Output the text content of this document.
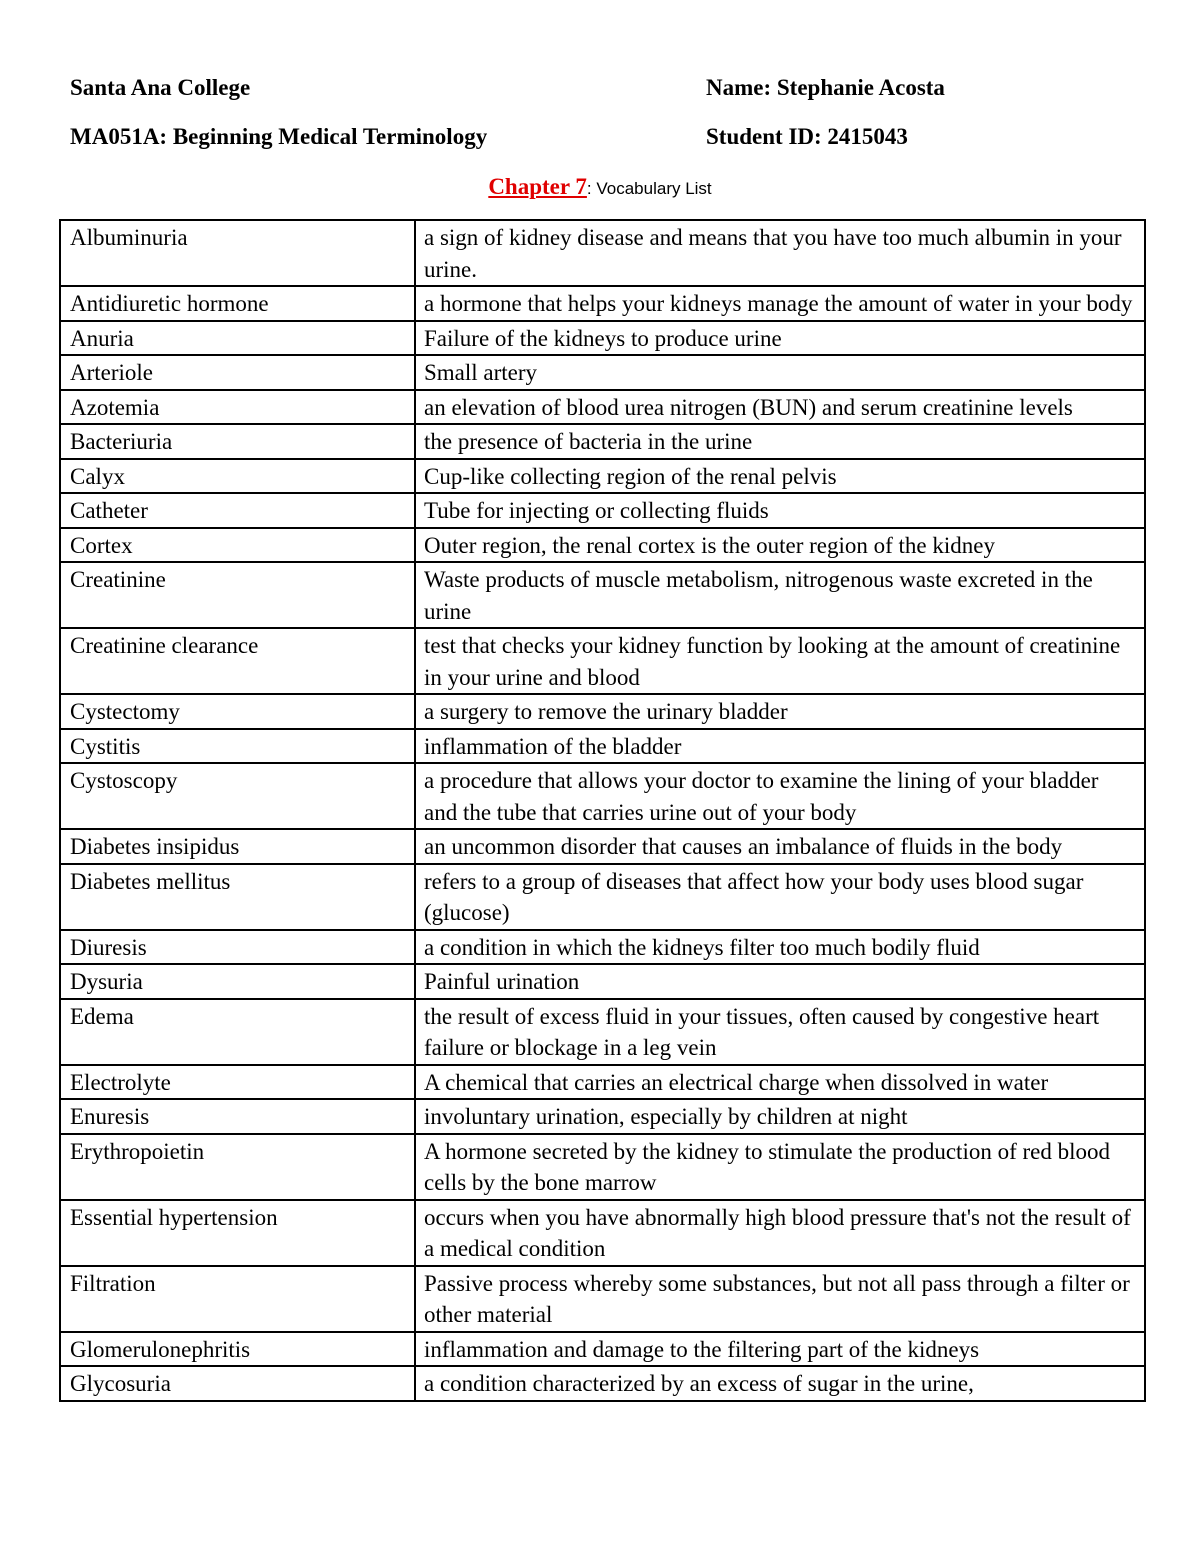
Santa Ana College	Name: Stephanie Acosta
MA051A: Beginning Medical Terminology	Student ID: 2415043
Chapter 7: Vocabulary List
Albuminuria	a sign of kidney disease and means that you have too much albumin in your urine.
Antidiuretic hormone	a hormone that helps your kidneys manage the amount of water in your body
Anuria	Failure of the kidneys to produce urine
Arteriole	Small artery
Azotemia	an elevation of blood urea nitrogen (BUN) and serum creatinine levels
Bacteriuria	the presence of bacteria in the urine
Calyx	Cup-like collecting region of the renal pelvis
Catheter	Tube for injecting or collecting fluids
Cortex	Outer region, the renal cortex is the outer region of the kidney
Creatinine	Waste products of muscle metabolism, nitrogenous waste excreted in the urine
Creatinine clearance	test that checks your kidney function by looking at the amount of creatinine in your urine and blood
Cystectomy	a surgery to remove the urinary bladder
Cystitis	inflammation of the bladder
Cystoscopy	a procedure that allows your doctor to examine the lining of your bladder and the tube that carries urine out of your body
Diabetes insipidus	an uncommon disorder that causes an imbalance of fluids in the body
Diabetes mellitus	refers to a group of diseases that affect how your body uses blood sugar (glucose)
Diuresis	a condition in which the kidneys filter too much bodily fluid
Dysuria	Painful urination
Edema	the result of excess fluid in your tissues, often caused by congestive heart failure or blockage in a leg vein
Electrolyte	A chemical that carries an electrical charge when dissolved in water
Enuresis	involuntary urination, especially by children at night
Erythropoietin	A hormone secreted by the kidney to stimulate the production of red blood cells by the bone marrow
Essential hypertension	occurs when you have abnormally high blood pressure that's not the result of a medical condition
Filtration	Passive process whereby some substances, but not all pass through a filter or other material
Glomerulonephritis	inflammation and damage to the filtering part of the kidneys
Glycosuria	a condition characterized by an excess of sugar in the urine,
